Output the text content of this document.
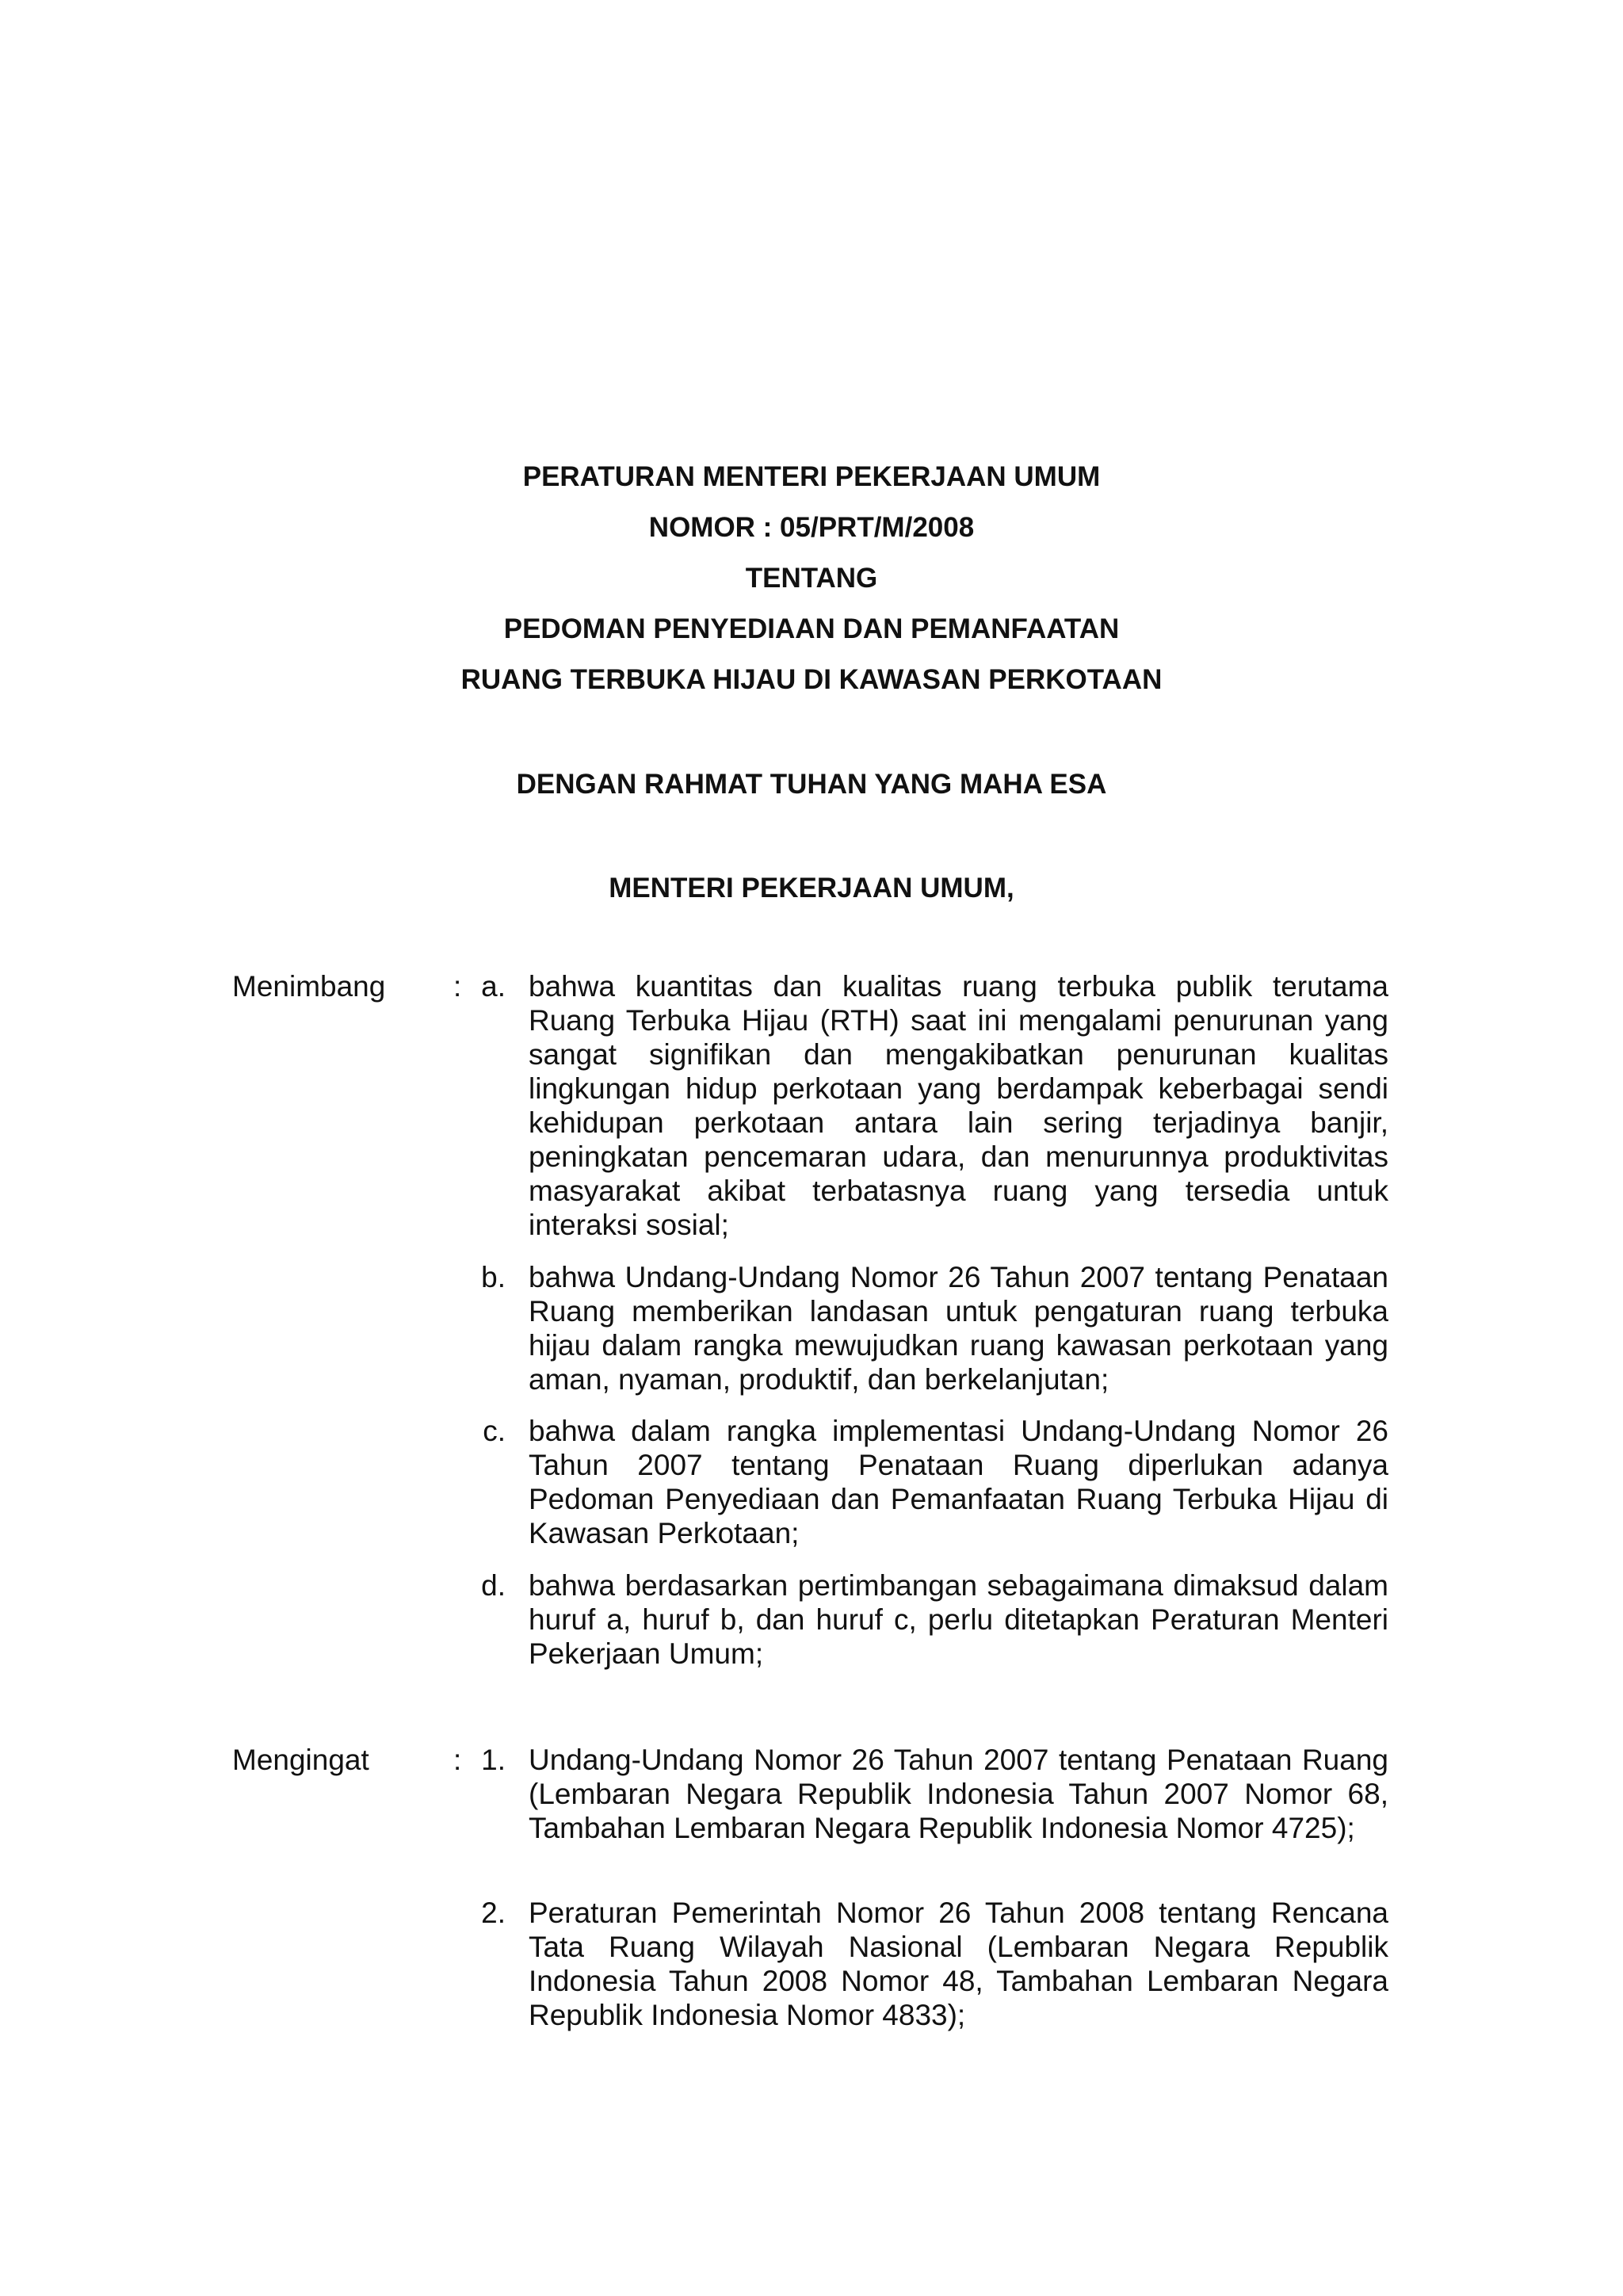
PERATURAN MENTERI PEKERJAAN UMUM
NOMOR : 05/PRT/M/2008
TENTANG
PEDOMAN PENYEDIAAN DAN PEMANFAATAN
RUANG TERBUKA HIJAU DI KAWASAN PERKOTAAN
DENGAN RAHMAT TUHAN YANG MAHA ESA
MENTERI PEKERJAAN UMUM,
Menimbang : a. bahwa kuantitas dan kualitas ruang terbuka publik terutama Ruang Terbuka Hijau (RTH) saat ini mengalami penurunan yang sangat signifikan dan mengakibatkan penurunan kualitas lingkungan hidup perkotaan yang berdampak keberbagai sendi kehidupan perkotaan antara lain sering terjadinya banjir, peningkatan pencemaran udara, dan menurunnya produktivitas masyarakat akibat terbatasnya ruang yang tersedia untuk interaksi sosial;
b. bahwa Undang-Undang Nomor 26 Tahun 2007 tentang Penataan Ruang memberikan landasan untuk pengaturan ruang terbuka hijau dalam rangka mewujudkan ruang kawasan perkotaan yang aman, nyaman, produktif, dan berkelanjutan;
c. bahwa dalam rangka implementasi Undang-Undang Nomor 26 Tahun 2007 tentang Penataan Ruang diperlukan adanya Pedoman Penyediaan dan Pemanfaatan Ruang Terbuka Hijau di Kawasan Perkotaan;
d. bahwa berdasarkan pertimbangan sebagaimana dimaksud dalam huruf a, huruf b, dan huruf c, perlu ditetapkan Peraturan Menteri Pekerjaan Umum;
Mengingat	: 1. Undang-Undang Nomor 26 Tahun 2007 tentang Penataan Ruang (Lembaran Negara Republik Indonesia Tahun 2007 Nomor 68, Tambahan Lembaran Negara Republik Indonesia Nomor 4725);
2. Peraturan Pemerintah Nomor 26 Tahun 2008 tentang Rencana Tata Ruang Wilayah Nasional (Lembaran Negara Republik Indonesia Tahun 2008 Nomor 48, Tambahan Lembaran Negara Republik Indonesia Nomor 4833);
